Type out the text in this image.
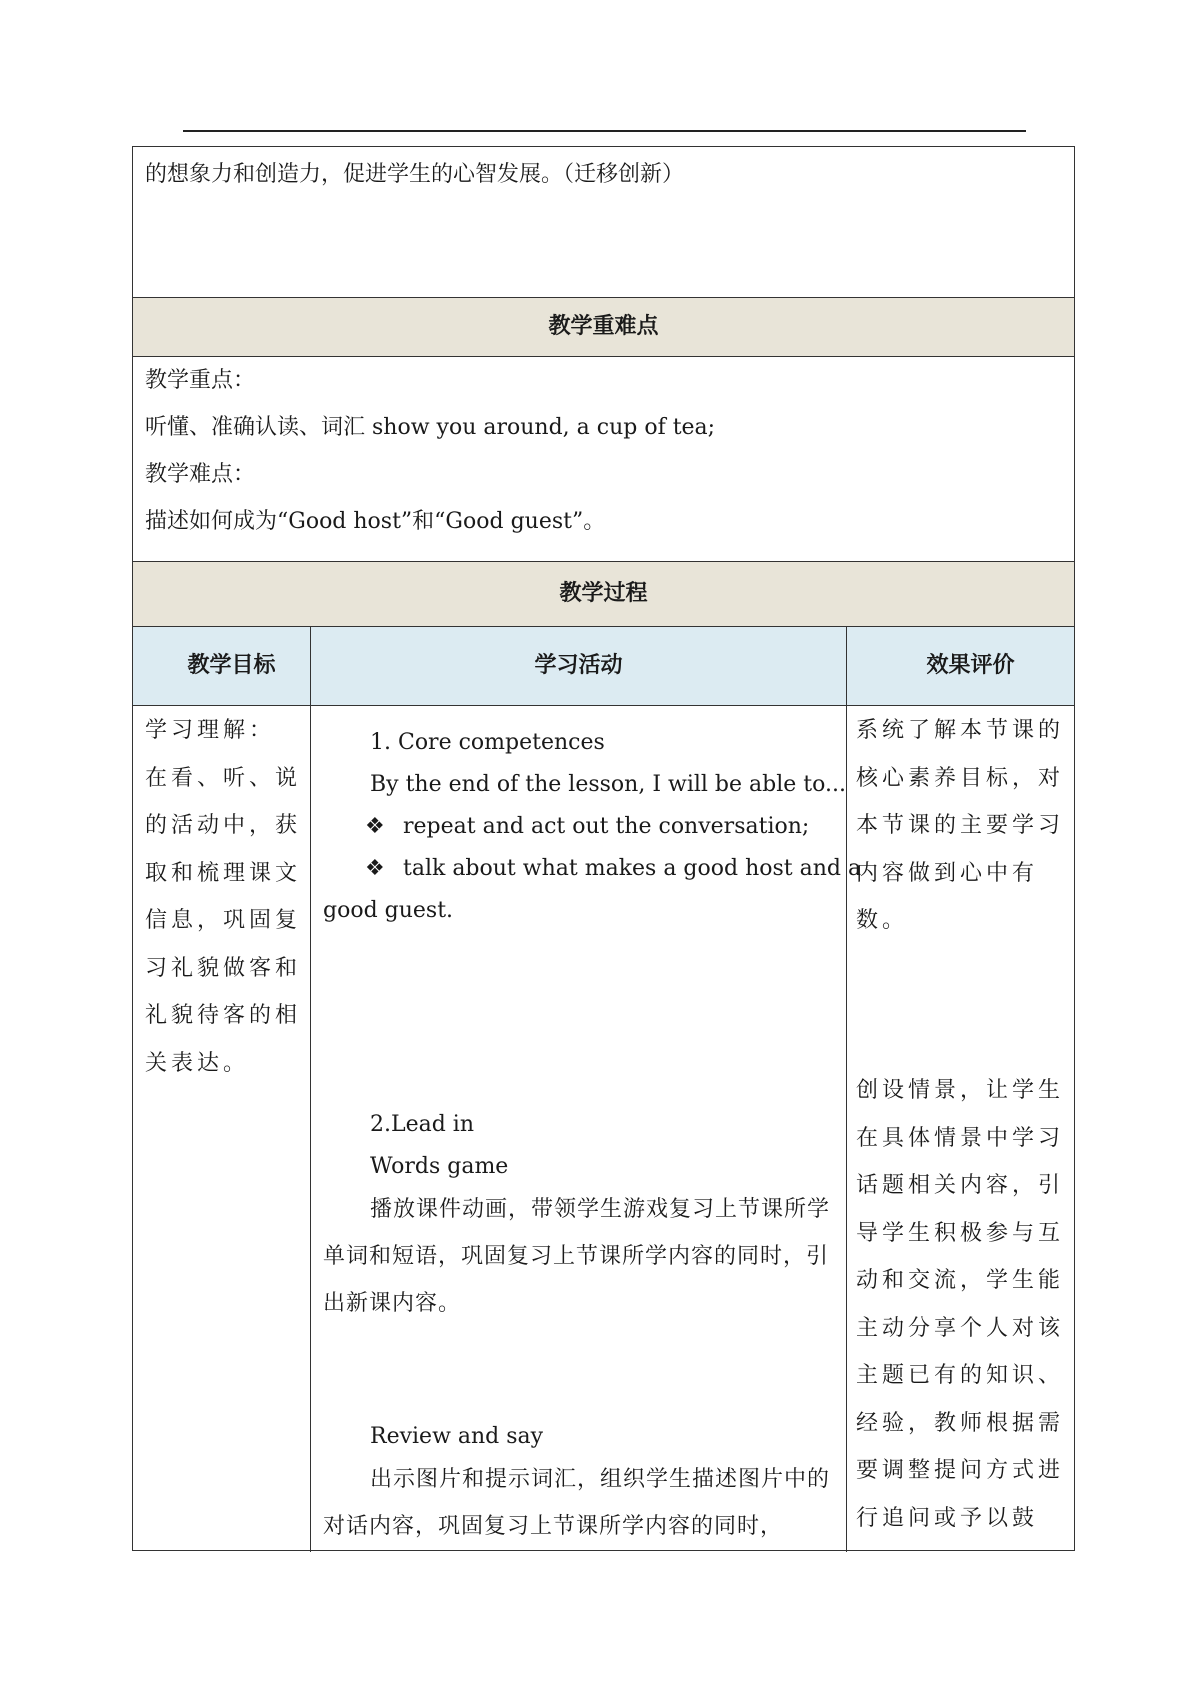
的想象力和创造力，促进学生的心智发展。（迁移创新）
教学重难点
教学重点：
听懂、准确认读、词汇 show you around, a cup of tea;
教学难点：
描述如何成为“Good host”和“Good guest”。
教学过程
教学目标	学习活动	效果评价
学习理解：
在看、听、说的活动中，获取和梳理课文信息，巩固复习礼貌做客和礼貌待客的相关表达。
1. Core competences
By the end of the lesson, I will be able to...
❖ repeat and act out the conversation;
❖ talk about what makes a good host and a
good guest.
2.Lead in
Words game
播放课件动画，带领学生游戏复习上节课所学单词和短语，巩固复习上节课所学内容的同时，引出新课内容。
Review and say
出示图片和提示词汇，组织学生描述图片中的对话内容，巩固复习上节课所学内容的同时，
系统了解本节课的核心素养目标，对本节课的主要学习内容做到心中有数。
创设情景，让学生在具体情景中学习话题相关内容，引导学生积极参与互动和交流，学生能主动分享个人对该主题已有的知识、经验，教师根据需要调整提问方式进行追问或予以鼓
